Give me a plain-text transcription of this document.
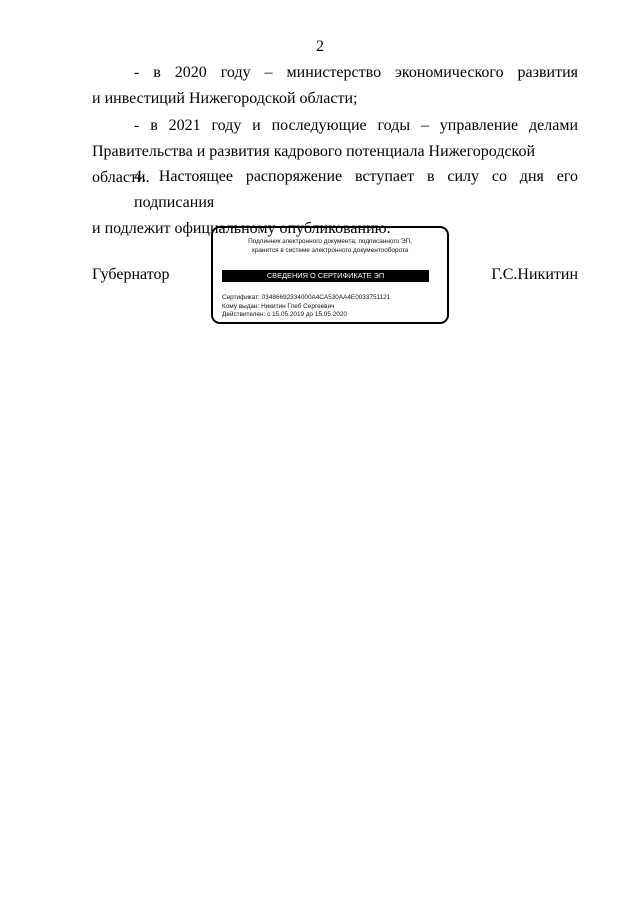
2

- в 2020 году – министерство экономического развития
и инвестиций Нижегородской области;

- в 2021 году и последующие годы – управление делами
Правительства и развития кадрового потенциала Нижегородской области.

4. Настоящее распоряжение вступает в силу со дня его подписания
и подлежит официальному опубликованию.

Губернатор
Подлинник электронного документа, подписанного ЭП,
хранится в системе электронного документооборота
СВЕДЕНИЯ О СЕРТИФИКАТЕ ЭП
Сертификат: 03486692334000A4CA530AA4E0033751121
Кому выдан: Никитин Глеб Сергеевич
Действителен: с 15.05.2019 до 15.05.2020
Г.С.Никитин
